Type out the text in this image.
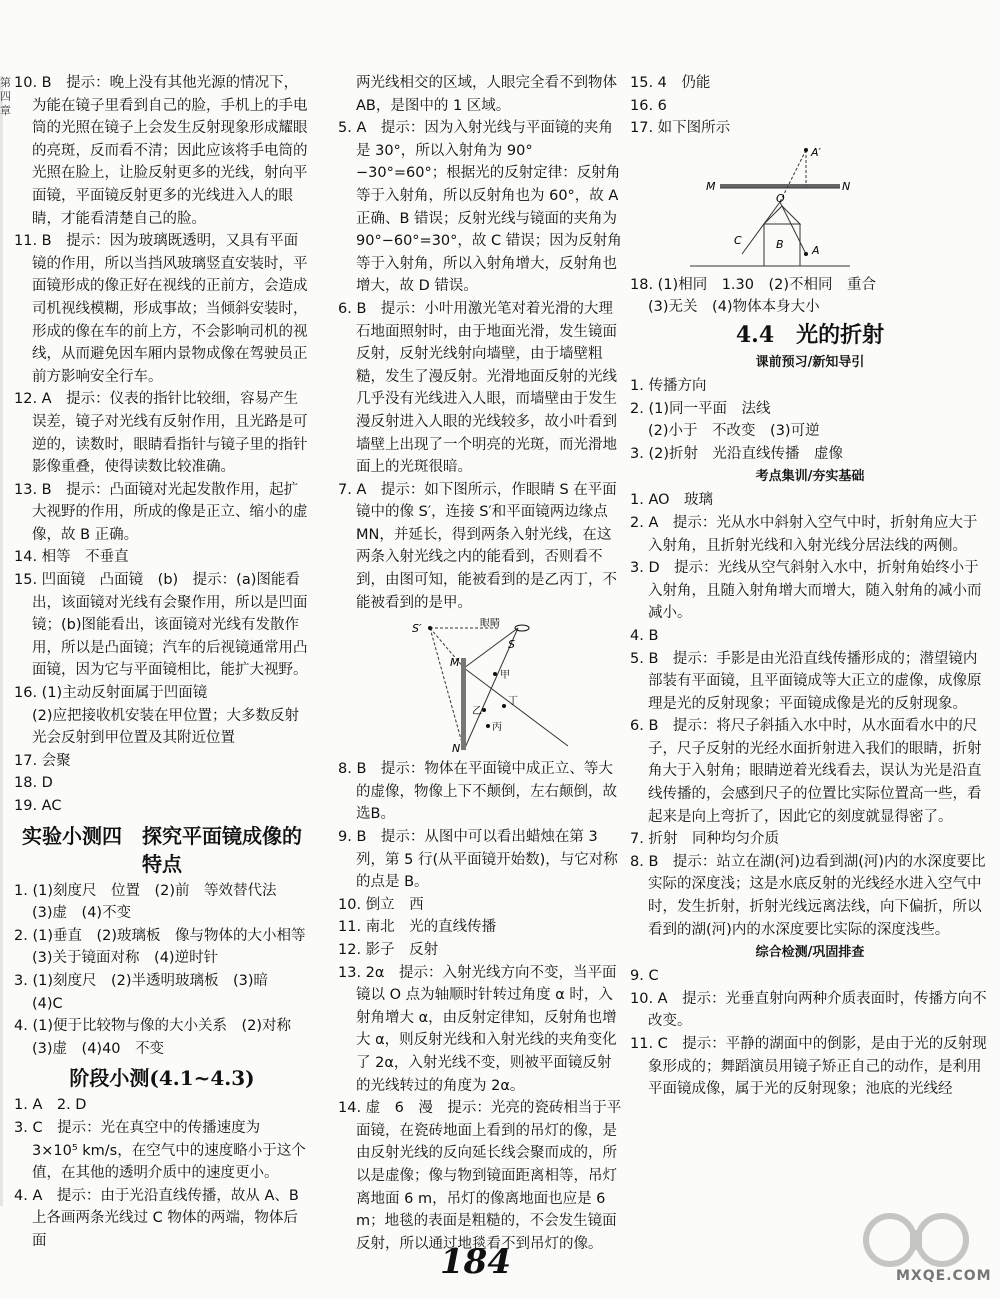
第
四
章

10. B　提示：晚上没有其他光源的情况下，为能在镜子里看到自己的脸，手机上的手电筒的光照在镜子上会发生反射现象形成耀眼的亮斑，反而看不清；因此应该将手电筒的光照在脸上，让脸反射更多的光线，射向平面镜，平面镜反射更多的光线进入人的眼睛，才能看清楚自己的脸。

11. B　提示：因为玻璃既透明，又具有平面镜的作用，所以当挡风玻璃竖直安装时，平面镜形成的像正好在视线的正前方，会造成司机视线模糊，形成事故；当倾斜安装时，形成的像在车的前上方，不会影响司机的视线，从而避免因车厢内景物成像在驾驶员正前方影响安全行车。

12. A　提示：仪表的指针比较细，容易产生误差，镜子对光线有反射作用，且光路是可逆的，读数时，眼睛看指针与镜子里的指针影像重叠，使得读数比较准确。

13. B　提示：凸面镜对光起发散作用，起扩大视野的作用，所成的像是正立、缩小的虚像，故 B 正确。

14. 相等　不垂直

15. 凹面镜　凸面镜　(b)　提示：(a)图能看出，该面镜对光线有会聚作用，所以是凹面镜；(b)图能看出，该面镜对光线有发散作用，所以是凸面镜；汽车的后视镜通常用凸面镜，因为它与平面镜相比，能扩大视野。

16. (1)主动反射面属于凹面镜

(2)应把接收机安装在甲位置；大多数反射光会反射到甲位置及其附近位置

17. 会聚

18. D

19. AC

实验小测四　探究平面镜成像的特点

1. (1)刻度尺　位置　(2)前　等效替代法

(3)虚　(4)不变

2. (1)垂直　(2)玻璃板　像与物体的大小相等　(3)关于镜面对称　(4)逆时针

3. (1)刻度尺　(2)半透明玻璃板　(3)暗

(4)C

4. (1)便于比较物与像的大小关系　(2)对称　(3)虚　(4)40　不变

阶段小测(4.1~4.3)

1. A　2. D

3. C　提示：光在真空中的传播速度为 3×10⁵ km/s，在空气中的速度略小于这个值，在其他的透明介质中的速度更小。

4. A　提示：由于光沿直线传播，故从 A、B 上各画两条光线过 C 物体的两端，物体后面

两光线相交的区域，人眼完全看不到物体 AB，是图中的 1 区域。

5. A　提示：因为入射光线与平面镜的夹角是 30°，所以入射角为 90°−30°=60°；根据光的反射定律：反射角等于入射角，所以反射角也为 60°，故 A 正确、B 错误；反射光线与镜面的夹角为 90°−60°=30°，故 C 错误；因为反射角等于入射角，所以入射角增大，反射角也增大，故 D 错误。

6. B　提示：小叶用激光笔对着光滑的大理石地面照射时，由于地面光滑，发生镜面反射，反射光线射向墙壁，由于墙壁粗糙，发生了漫反射。光滑地面反射的光线几乎没有光线进入人眼，而墙壁由于发生漫反射进入人眼的光线较多，故小叶看到墙壁上出现了一个明亮的光斑，而光滑地面上的光斑很暗。

7. A　提示：如下图所示，作眼睛 S 在平面镜中的像 S′，连接 S′和平面镜两边缘点 MN，并延长，得到两条入射光线，在这两条入射光线之内的能看到，否则看不到，由图可知，能被看到的是乙丙丁，不能被看到的是甲。

S′	眼睛
S
甲
乙
丙
丁
M
N

8. B　提示：物体在平面镜中成正立、等大的虚像，物像上下不颠倒，左右颠倒，故选B。

9. B　提示：从图中可以看出蜡烛在第 3 列，第 5 行(从平面镜开始数)，与它对称的点是 B。

10. 倒立　西

11. 南北　光的直线传播

12. 影子　反射

13. 2α　提示：入射光线方向不变，当平面镜以 O 点为轴顺时针转过角度 α 时，入射角增大 α，由反射定律知，反射角也增大 α，则反射光线和入射光线的夹角变化了 2α，入射光线不变，则被平面镜反射的光线转过的角度为 2α。

14. 虚　6　漫　提示：光亮的瓷砖相当于平面镜，在瓷砖地面上看到的吊灯的像，是由反射光线的反向延长线会聚而成的，所以是虚像；像与物到镜面距离相等，吊灯离地面 6 m，吊灯的像离地面也应是 6 m；地毯的表面是粗糙的，不会发生镜面反射，所以通过地毯看不到吊灯的像。

15. 4　仍能

16. 6

17. 如下图所示

A′
M	N
O
C	B	A

18. (1)相同　1.30　(2)不相同　重合

(3)无关　(4)物体本身大小

4.4　光的折射
课前预习/新知导引

1. 传播方向

2. (1)同一平面　法线

(2)小于　不改变　(3)可逆

3. (2)折射　光沿直线传播　虚像

考点集训/夯实基础

1. AO　玻璃

2. A　提示：光从水中斜射入空气中时，折射角应大于入射角，且折射光线和入射光线分居法线的两侧。

3. D　提示：光线从空气斜射入水中，折射角始终小于入射角，且随入射角增大而增大，随入射角的减小而减小。

4. B

5. B　提示：手影是由光沿直线传播形成的；潜望镜内部装有平面镜，且平面镜成等大正立的虚像，成像原理是光的反射现象；平面镜成像是光的反射现象。

6. B　提示：将尺子斜插入水中时，从水面看水中的尺子，尺子反射的光经水面折射进入我们的眼睛，折射角大于入射角；眼睛逆着光线看去，误认为光是沿直线传播的，会感到尺子的位置比实际位置高一些，看起来是向上弯折了，因此它的刻度就显得密了。

7. 折射　同种均匀介质

8. B　提示：站立在湖(河)边看到湖(河)内的水深度要比实际的深度浅；这是水底反射的光线经水进入空气中时，发生折射，折射光线远离法线，向下偏折，所以看到的湖(河)内的水深度要比实际的深度浅些。

综合检测/巩固排查

9. C

10. A　提示：光垂直射向两种介质表面时，传播方向不改变。

11. C　提示：平静的湖面中的倒影，是由于光的反射现象形成的；舞蹈演员用镜子矫正自己的动作，是利用平面镜成像，属于光的反射现象；池底的光线经

184	MXQE.COM
